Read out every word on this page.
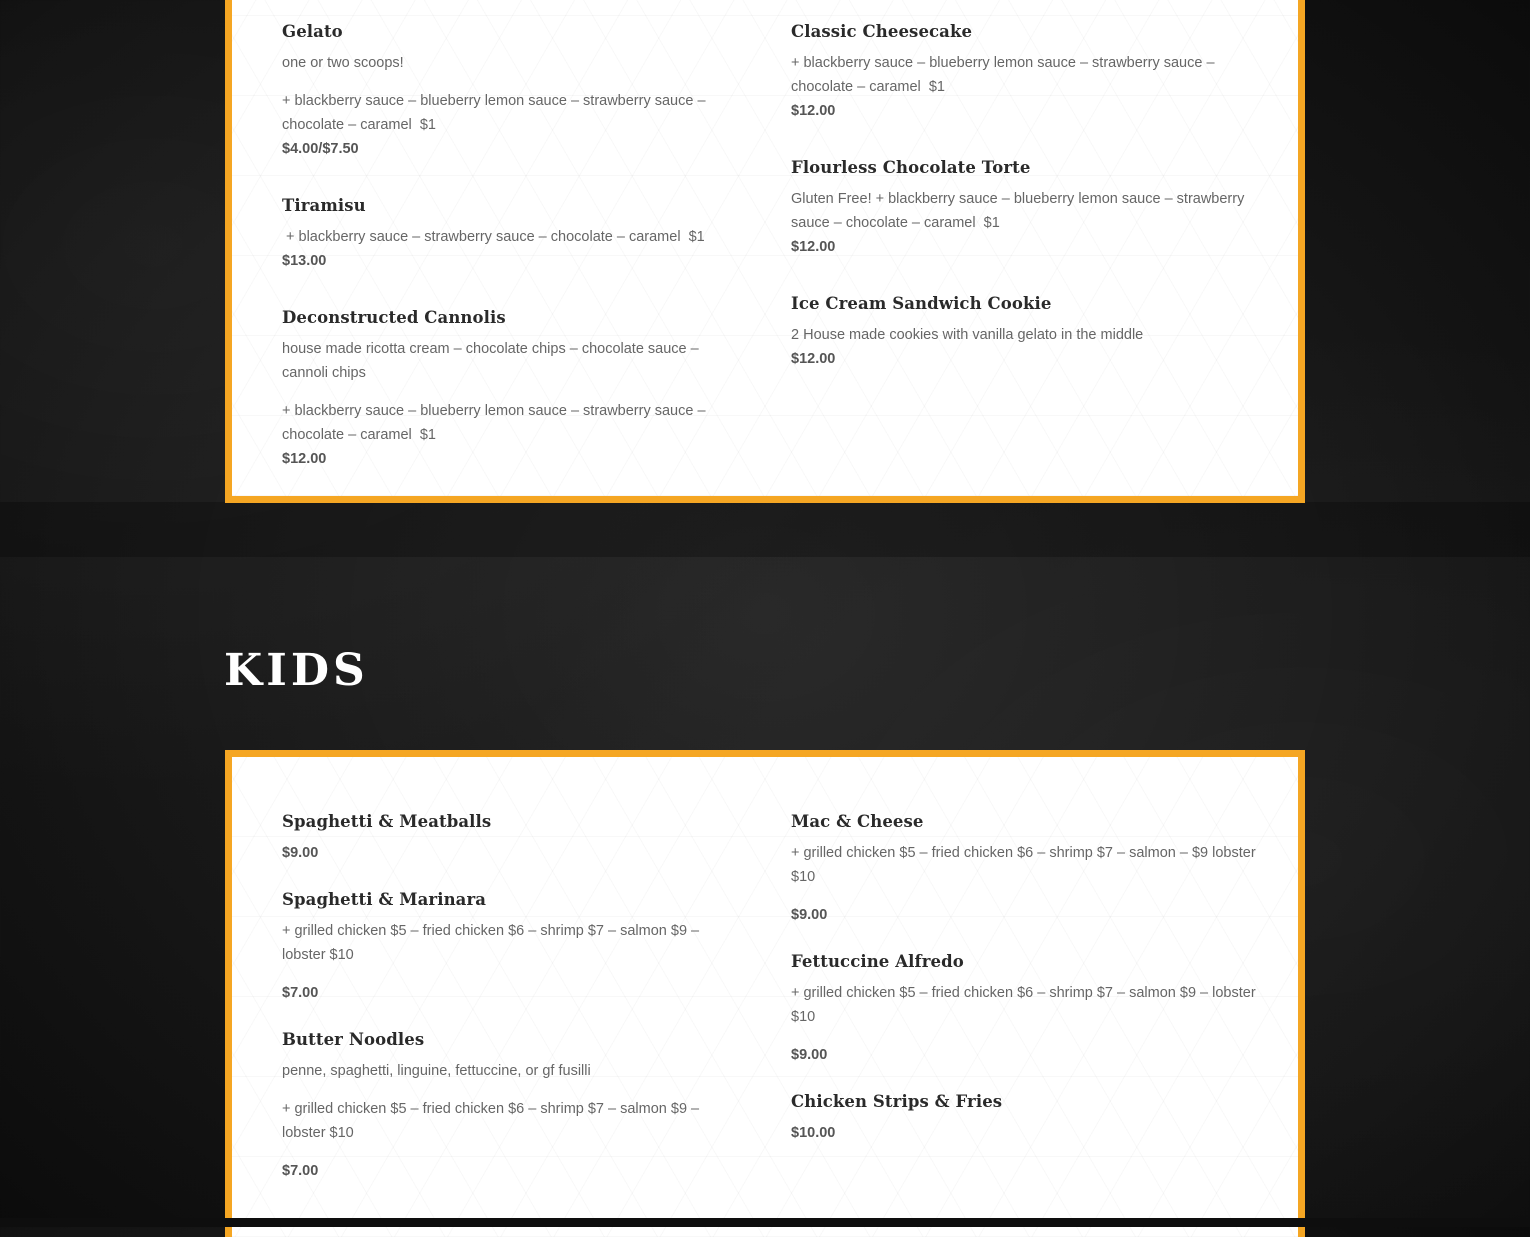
Gelato

one or two scoops!

+ blackberry sauce – blueberry lemon sauce – strawberry sauce – chocolate – caramel  $1

$4.00/$7.50

Tiramisu

+ blackberry sauce – strawberry sauce – chocolate – caramel  $1

$13.00

Deconstructed Cannolis

house made ricotta cream – chocolate chips – chocolate sauce – cannoli chips

+ blackberry sauce – blueberry lemon sauce – strawberry sauce – chocolate – caramel  $1

$12.00

Classic Cheesecake

+ blackberry sauce – blueberry lemon sauce – strawberry sauce – chocolate – caramel  $1

$12.00

Flourless Chocolate Torte

Gluten Free! + blackberry sauce – blueberry lemon sauce – strawberry sauce – chocolate – caramel  $1

$12.00

Ice Cream Sandwich Cookie

2 House made cookies with vanilla gelato in the middle

$12.00

KIDS
Spaghetti & Meatballs

$9.00

Spaghetti & Marinara

+ grilled chicken $5 – fried chicken $6 – shrimp $7 – salmon $9 – lobster $10

$7.00

Butter Noodles

penne, spaghetti, linguine, fettuccine, or gf fusilli

+ grilled chicken $5 – fried chicken $6 – shrimp $7 – salmon $9 – lobster $10

$7.00

Mac & Cheese

+ grilled chicken $5 – fried chicken $6 – shrimp $7 – salmon – $9 lobster $10

$9.00

Fettuccine Alfredo

+ grilled chicken $5 – fried chicken $6 – shrimp $7 – salmon $9 – lobster $10

$9.00

Chicken Strips & Fries

$10.00
